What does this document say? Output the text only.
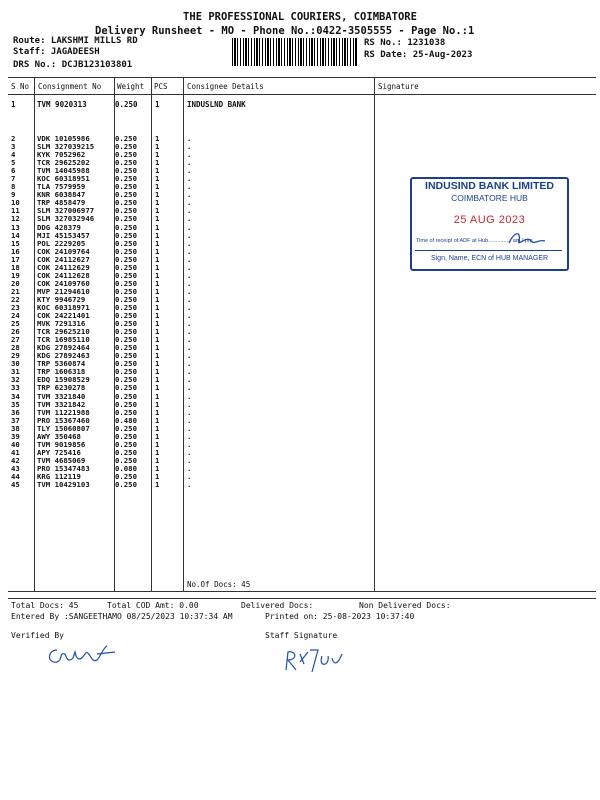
THE PROFESSIONAL COURIERS, COIMBATORE
Delivery Runsheet - MO - Phone No.:0422-3505555 - Page No.:1
Route: LAKSHMI MILLS RD
Staff: JAGADEESH
DRS No.: DCJB123103801
RS No.: 1231038
RS Date: 25-Aug-2023
S No Consignment No Weight PCS	Consignee Details	Signature
1	TVM 9020313	0.250 1	INDUSLND BANK
2	VDK 10105986	0.250 1	.
3	SLM 327039215	0.250 1	.
4	KYK 7052962	0.250 1	.
5	TCR 29625202	0.250 1	.
6	TVM 14045988	0.250 1	.
7	KOC 60318951	0.250 1	.
8	TLA 7579959	0.250 1	.
9	KNR 6038847	0.250 1	.
10 TRP 4858479	0.250 1	.
11 SLM 327006977	0.250 1	.
12 SLM 327032946	0.250 1	.
13 DDG 428379	0.250 1	.
14 MJI 45153457	0.250 1	.
15 POL 2229205	0.250 1	.
16 COK 24109764	0.250 1	.
17 COK 24112627	0.250 1	.
18 COK 24112629	0.250 1	.
19 COK 24112628	0.250 1	.
20 COK 24109760	0.250 1	.
21 MVP 21294610	0.250 1	.
22 KTY 9946729	0.250 1	.
23 KOC 60318971	0.250 1	.
24 COK 24221401	0.250 1	.
25 MVK 7291316	0.250 1	.
26 TCR 29625210	0.250 1	.
27 TCR 16985110	0.250 1	.
28 KDG 27892464	0.250 1	.
29 KDG 27892463	0.250 1	.
30 TRP 5360874	0.250 1	.
31 TRP 1606318	0.250 1	.
32 EDQ 15908529	0.250 1	.
33 TRP 6230278	0.250 1	.
34 TVM 3321840	0.250 1	.
35 TVM 3321842	0.250 1	.
36 TVM 11221988	0.250 1	.
37 PRO 15367460	0.480 1	.
38 TLY 15060807	0.250 1	.
39 AWY 350468	0.250 1	.
40 TVM 9019856	0.250 1	.
41 APY 725416	0.250 1	.
42 TVM 4685069	0.250 1	.
43 PRO 15347483	0.080 1	.
44 KRG 112119	0.250 1	.
45 TVM 10429103	0.250 1	.
No.Of Docs: 45
INDUSIND BANK LIMITED
COIMBATORE HUB
25 AUG 2023
Time of receipt of ADF at Hub............... am / pm
Sign, Name, ECN of HUB MANAGER
Total Docs: 45	Total COD Amt: 0.00	Delivered Docs:	Non Delivered Docs:
Entered By :SANGEETHAMO 08/25/2023 10:37:34 AM	Printed on: 25-08-2023 10:37:40
Verified By	Staff Signature
